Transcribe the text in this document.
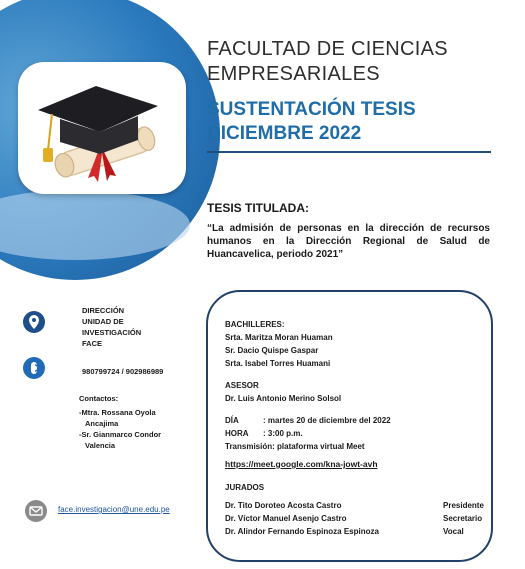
FACULTAD DE CIENCIAS
EMPRESARIALES
SUSTENTACIÓN TESIS
DICIEMBRE 2022
TESIS TITULADA:
“La admisión de personas en la dirección de recursos humanos en la Dirección Regional de Salud de Huancavelica, periodo 2021”
DIRECCIÓN
UNIDAD DE
INVESTIGACIÓN
FACE
980799724 / 902986989
Contactos:
-Mtra. Rossana Oyola
Ancajima
-Sr. Gianmarco Condor
Valencia
face.investigacion@une.edu.pe
BACHILLERES:
Srta. Maritza Moran Huaman
Sr. Dacio Quispe Gaspar
Srta. Isabel Torres Huamani
ASESOR
Dr. Luis Antonio Merino Solsol
DÍA	: martes 20 de diciembre del 2022
HORA	: 3:00 p.m.
Transmisión: plataforma virtual Meet
https://meet.google.com/kna-jowt-avh
JURADOS
Dr. Tito Doroteo Acosta Castro	Presidente
Dr. Víctor Manuel Asenjo Castro	Secretario
Dr. Alindor Fernando Espinoza Espinoza	Vocal
